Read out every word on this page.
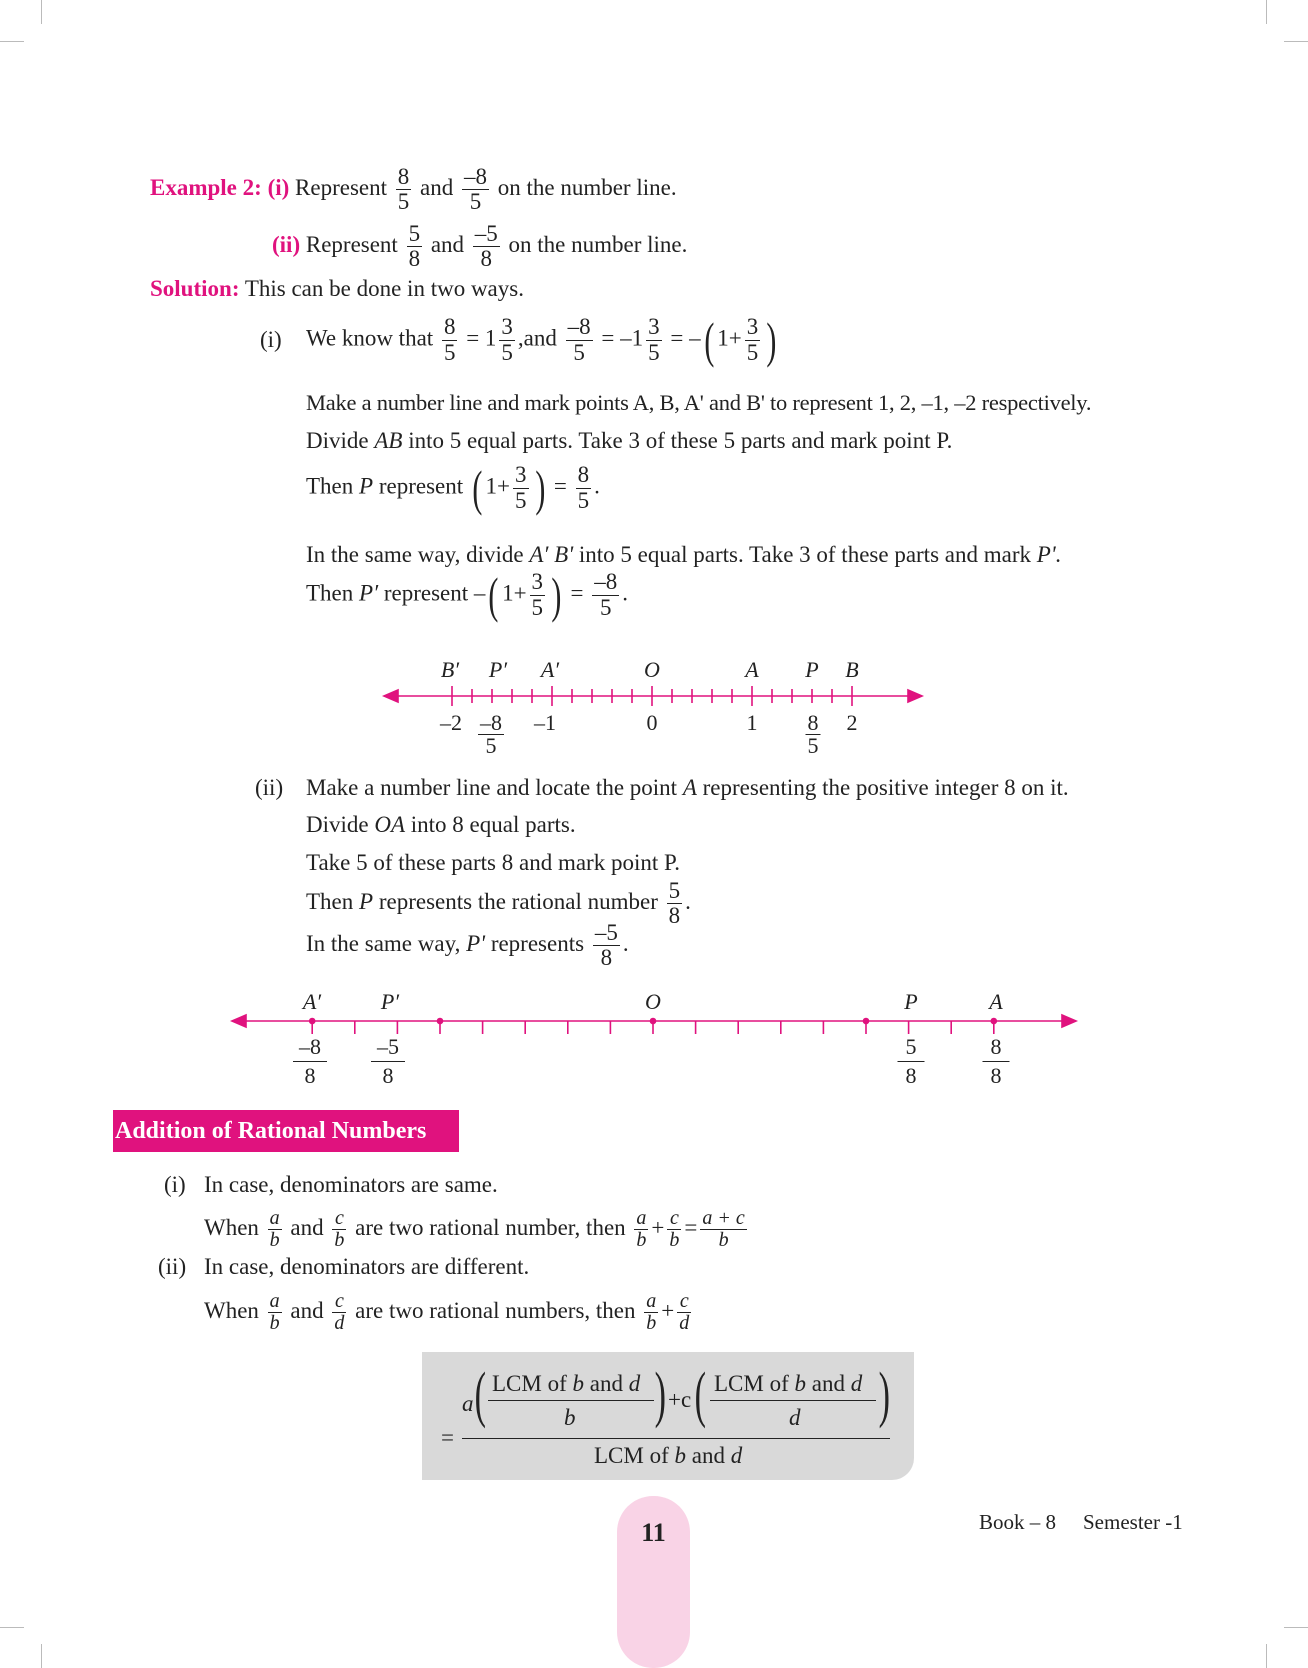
Example 2: (i) Represent $\frac{8}{5}$ and $\frac{-8}{5}$ on the number line.
(ii) Represent $\frac{5}{8}$ and $\frac{-5}{8}$ on the number line.
Solution: This can be done in two ways.
(i) We know that $\frac{8}{5} = 1 \frac{3}{5} ,and \frac{-8}{5} = -1 \frac{3}{5}$ = –( $1+ \frac{3}{5}$ )
Make a number line and mark points A, B, A' and B' to represent 1, 2, –1, –2 respectively.
Divide AB into 5 equal parts. Take 3 of these 5 parts and mark point P.
Then P represent ( $1+ \frac{3}{5}$ ) = $\frac{8}{5}$ .
In the same way, divide A′ B' into 5 equal parts. Take 3 of these parts and mark P'.
Then P′ represent –( $1+ \frac{3}{5}$ ) = $\frac{-8}{5}$ .
B′ P′ A′	O	A P B
$-2 \frac{-8}{5} -1$	0	$1 \frac{8}{5} 2$
(ii) Make a number line and locate the point A representing the positive integer 8 on it.
Divide OA into 8 equal parts.
Take 5 of these parts 8 and mark point P.
Then P represents the rational number $\frac{5}{8}$ .
In the same way, P' represents $\frac{-5}{8}$ .
A′	P′	O	P	A
$\frac{-8}{8} \frac{-5}{8}$	$\frac{5}{8}$	$\frac{8}{8}$
Addition of Rational Numbers
(i) In case, denominators are same.
When $\frac{a}{b}$ and $\frac{c}{b}$ are two rational number, then $\frac{a}{b} + \frac{c}{b} = \frac{a + c}{b}$
(ii) In case, denominators are different.
When $\frac{a}{b}$ and $\frac{c}{d}$ are two rational numbers, then $\frac{a}{b} + \frac{c}{d}$
=
a ( LCM of b and d
b ) +c ( LCM of b and d
d )
LCM of b and d
11	Book – 8 Semester -1
